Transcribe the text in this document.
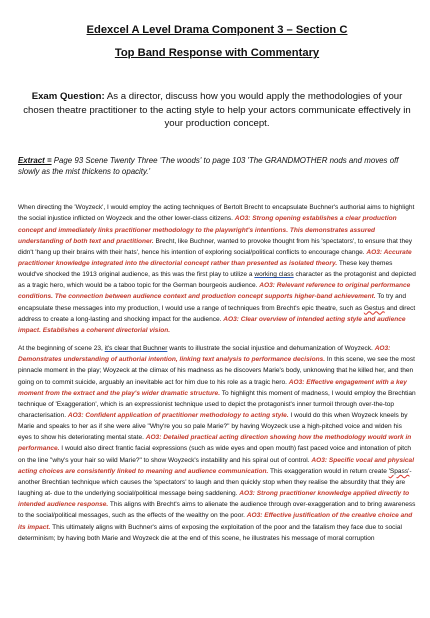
Edexcel A Level Drama Component 3 – Section C
Top Band Response with Commentary

Exam Question: As a director, discuss how you would apply the methodologies of your chosen theatre practitioner to the acting style to help your actors communicate effectively in your production concept.

Extract = Page 93 Scene Twenty Three 'The woods' to page 103 'The GRANDMOTHER nods and moves off slowly as the mist thickens to opacity.'

When directing the 'Woyzeck', I would employ the acting techniques of Bertolt Brecht to encapsulate Buchner's authorial aims to highlight the social injustice inflicted on Woyzeck and the other lower-class citizens. AO3: Strong opening establishes a clear production concept and immediately links practitioner methodology to the playwright's intentions. This demonstrates assured understanding of both text and practitioner. Brecht, like Buchner, wanted to provoke thought from his 'spectators', to ensure that they didn't 'hang up their brains with their hats', hence his intention of exploring social/political conflicts to encourage change. AO3: Accurate practitioner knowledge integrated into the directorial concept rather than presented as isolated theory. These key themes would've shocked the 1913 original audience, as this was the first play to utilize a working class character as the protagonist and depicted as a tragic hero, which would be a taboo topic for the German bourgeois audience. AO3: Relevant reference to original performance conditions. The connection between audience context and production concept supports higher-band achievement. To try and encapsulate these messages into my production, I would use a range of techniques from Brecht's epic theatre, such as Gestus and direct address to create a long-lasting and shocking impact for the audience. AO3: Clear overview of intended acting style and audience impact. Establishes a coherent directorial vision.

At the beginning of scene 23, it's clear that Buchner wants to illustrate the social injustice and dehumanization of Woyzeck. AO3: Demonstrates understanding of authorial intention, linking text analysis to performance decisions. In this scene, we see the most pinnacle moment in the play; Woyzeck at the climax of his madness as he discovers Marie's body, unknowing that he killed her, and then going on to commit suicide, arguably an inevitable act for him due to his role as a tragic hero. AO3: Effective engagement with a key moment from the extract and the play's wider dramatic structure. To highlight this moment of madness, I would employ the Brechtian technique of 'Exaggeration', which is an expressionist technique used to depict the protagonist's inner turmoil through over-the-top characterisation. AO3: Confident application of practitioner methodology to acting style. I would do this when Woyzeck kneels by Marie and speaks to her as if she were alive "Why're you so pale Marie?" by having Woyzeck use a high-pitched voice and widen his eyes to show his deteriorating mental state. AO3: Detailed practical acting direction showing how the methodology would work in performance. I would also direct frantic facial expressions (such as wide eyes and open mouth) fast paced voice and intonation of pitch on the line "why's your hair so wild Marie?" to show Woyzeck's instability and his spiral out of control. AO3: Specific vocal and physical acting choices are consistently linked to meaning and audience communication. This exaggeration would in return create 'Spass'- another Brechtian technique which causes the 'spectators' to laugh and then quickly stop when they realise the absurdity that they are laughing at- due to the underlying social/political message being saddening. AO3: Strong practitioner knowledge applied directly to intended audience response. This aligns with Brecht's aims to alienate the audience through over-exaggeration and to bring awareness to the social/political messages, such as the effects of the wealthy on the poor. AO3: Effective justification of the creative choice and its impact. This ultimately aligns with Buchner's aims of exposing the exploitation of the poor and the fatalism they face due to social determinism; by having both Marie and Woyzeck die at the end of this scene, he illustrates his message of moral corruption
